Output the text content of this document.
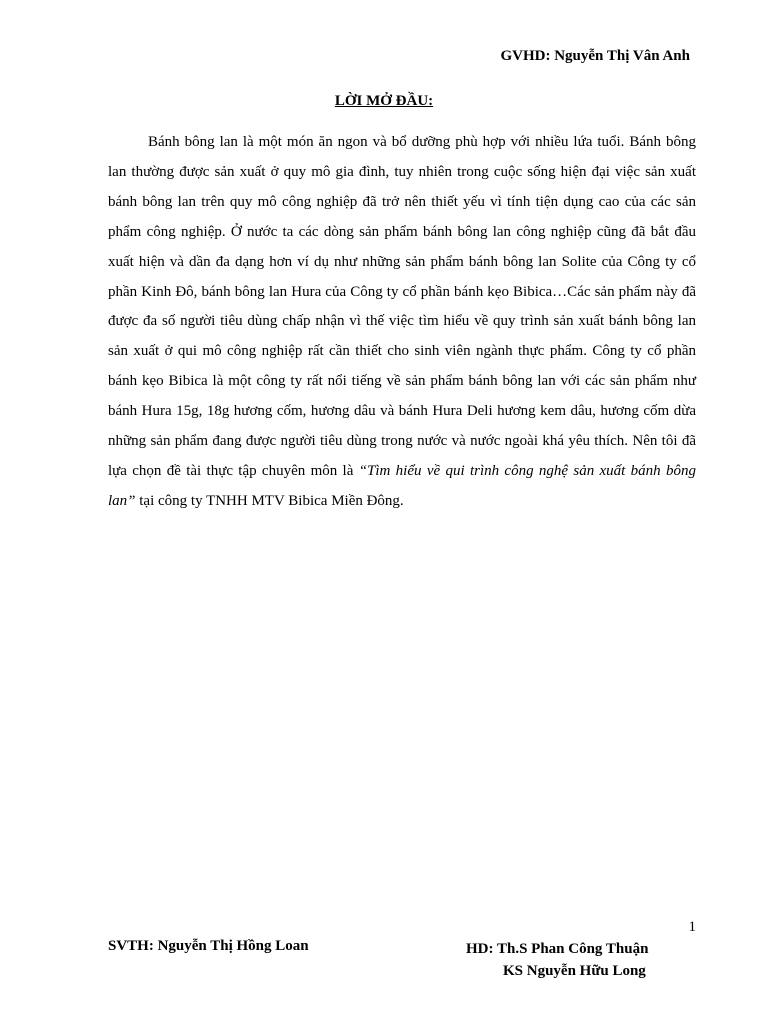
GVHD: Nguyễn Thị Vân Anh
LỜI MỞ ĐẦU:

Bánh bông lan là một món ăn ngon và bổ dưỡng phù hợp với nhiều lứa tuổi. Bánh bông lan thường được sản xuất ở quy mô gia đình, tuy nhiên trong cuộc sống hiện đại việc sản xuất bánh bông lan trên quy mô công nghiệp đã trở nên thiết yếu vì tính tiện dụng cao của các sản phẩm công nghiệp. Ở nước ta các dòng sản phẩm bánh bông lan công nghiệp cũng đã bắt đầu xuất hiện và dần đa dạng hơn ví dụ như những sản phẩm bánh bông lan Solite của Công ty cổ phần Kinh Đô, bánh bông lan Hura của Công ty cổ phần bánh kẹo Bibica…Các sản phẩm này đã được đa số người tiêu dùng chấp nhận vì thế việc tìm hiểu về quy trình sản xuất bánh bông lan sản xuất ở qui mô công nghiệp rất cần thiết cho sinh viên ngành thực phẩm. Công ty cổ phần bánh kẹo Bibica là một công ty rất nổi tiếng về sản phẩm bánh bông lan với các sản phẩm như bánh Hura 15g, 18g hương cốm, hương dâu và bánh Hura Deli hương kem dâu, hương cốm dừa những sản phẩm đang được người tiêu dùng trong nước và nước ngoài khá yêu thích. Nên tôi đã lựa chọn đề tài thực tập chuyên môn là “Tìm hiểu về qui trình công nghệ sản xuất bánh bông lan” tại công ty TNHH MTV Bibica Miền Đông.

1
SVTH: Nguyễn Thị Hồng Loan	HD: Th.S Phan Công Thuận
KS Nguyễn Hữu Long
